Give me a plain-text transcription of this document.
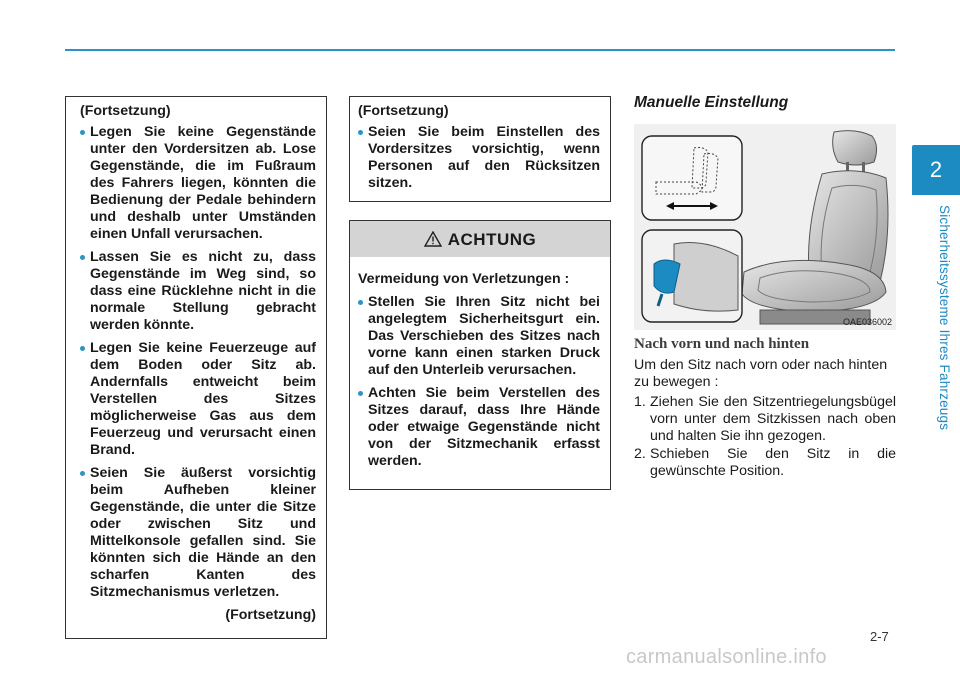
2
Sicherheitssysteme Ihres Fahrzeugs
(Fortsetzung)
Legen Sie keine Gegenstände unter den Vordersitzen ab. Lose Gegenstände, die im Fußraum des Fahrers liegen, könnten die Bedienung der Pedale behindern und deshalb unter Umständen einen Unfall verursachen.
Lassen Sie es nicht zu, dass Gegenstände im Weg sind, so dass eine Rücklehne nicht in die normale Stellung gebracht werden könnte.
Legen Sie keine Feuerzeuge auf dem Boden oder Sitz ab. Andernfalls entweicht beim Verstellen des Sitzes möglicherweise Gas aus dem Feuerzeug und verursacht einen Brand.
Seien Sie äußerst vorsichtig beim Aufheben kleiner Gegenstände, die unter die Sitze oder zwischen Sitz und Mittelkonsole gefallen sind. Sie könnten sich die Hände an den scharfen Kanten des Sitzmechanismus verletzen.
(Fortsetzung)
(Fortsetzung)
Seien Sie beim Einstellen des Vordersitzes vorsichtig, wenn Personen auf den Rücksitzen sitzen.
ACHTUNG
Vermeidung von Verletzungen :
Stellen Sie Ihren Sitz nicht bei angelegtem Sicherheitsgurt ein. Das Verschieben des Sitzes nach vorne kann einen starken Druck auf den Unterleib verursachen.
Achten Sie beim Verstellen des Sitzes darauf, dass Ihre Hände oder etwaige Gegenstände nicht von der Sitzmechanik erfasst werden.
Manuelle Einstellung
OAE036002
Nach vorn und nach hinten

Um den Sitz nach vorn oder nach hinten zu bewegen :

1. Ziehen Sie den Sitzentriegelungsbügel vorn unter dem Sitzkissen nach oben und halten Sie ihn gezogen.
2. Schieben Sie den Sitz in die gewünschte Position.
2-7
carmanualsonline.info
